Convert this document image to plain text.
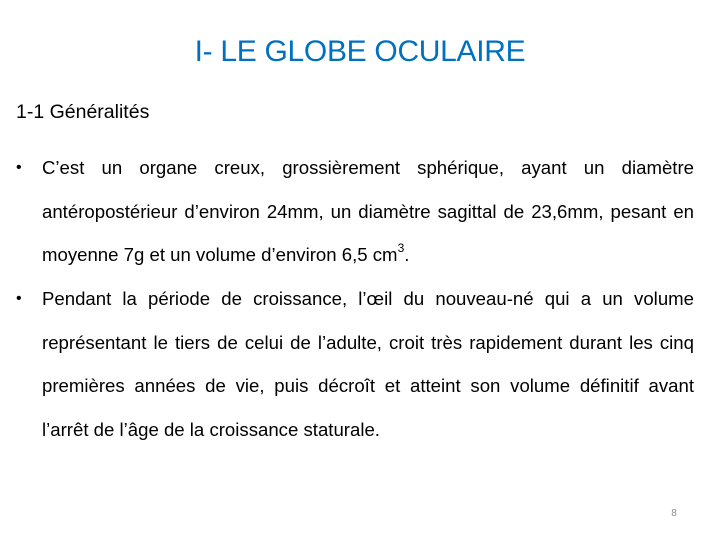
I- LE GLOBE OCULAIRE
1-1 Généralités
•	C’est un organe creux, grossièrement sphérique, ayant un diamètre antéropostérieur d’environ 24mm, un diamètre sagittal de 23,6mm, pesant en moyenne 7g et un volume d’environ 6,5 $cm^3$.
•	Pendant la période de croissance, l’œil du nouveau-né qui a un volume représentant le tiers de celui de l’adulte, croit très rapidement durant les cinq premières années de vie, puis décroît et atteint son volume définitif avant l’arrêt de l’âge de la croissance staturale.
8
